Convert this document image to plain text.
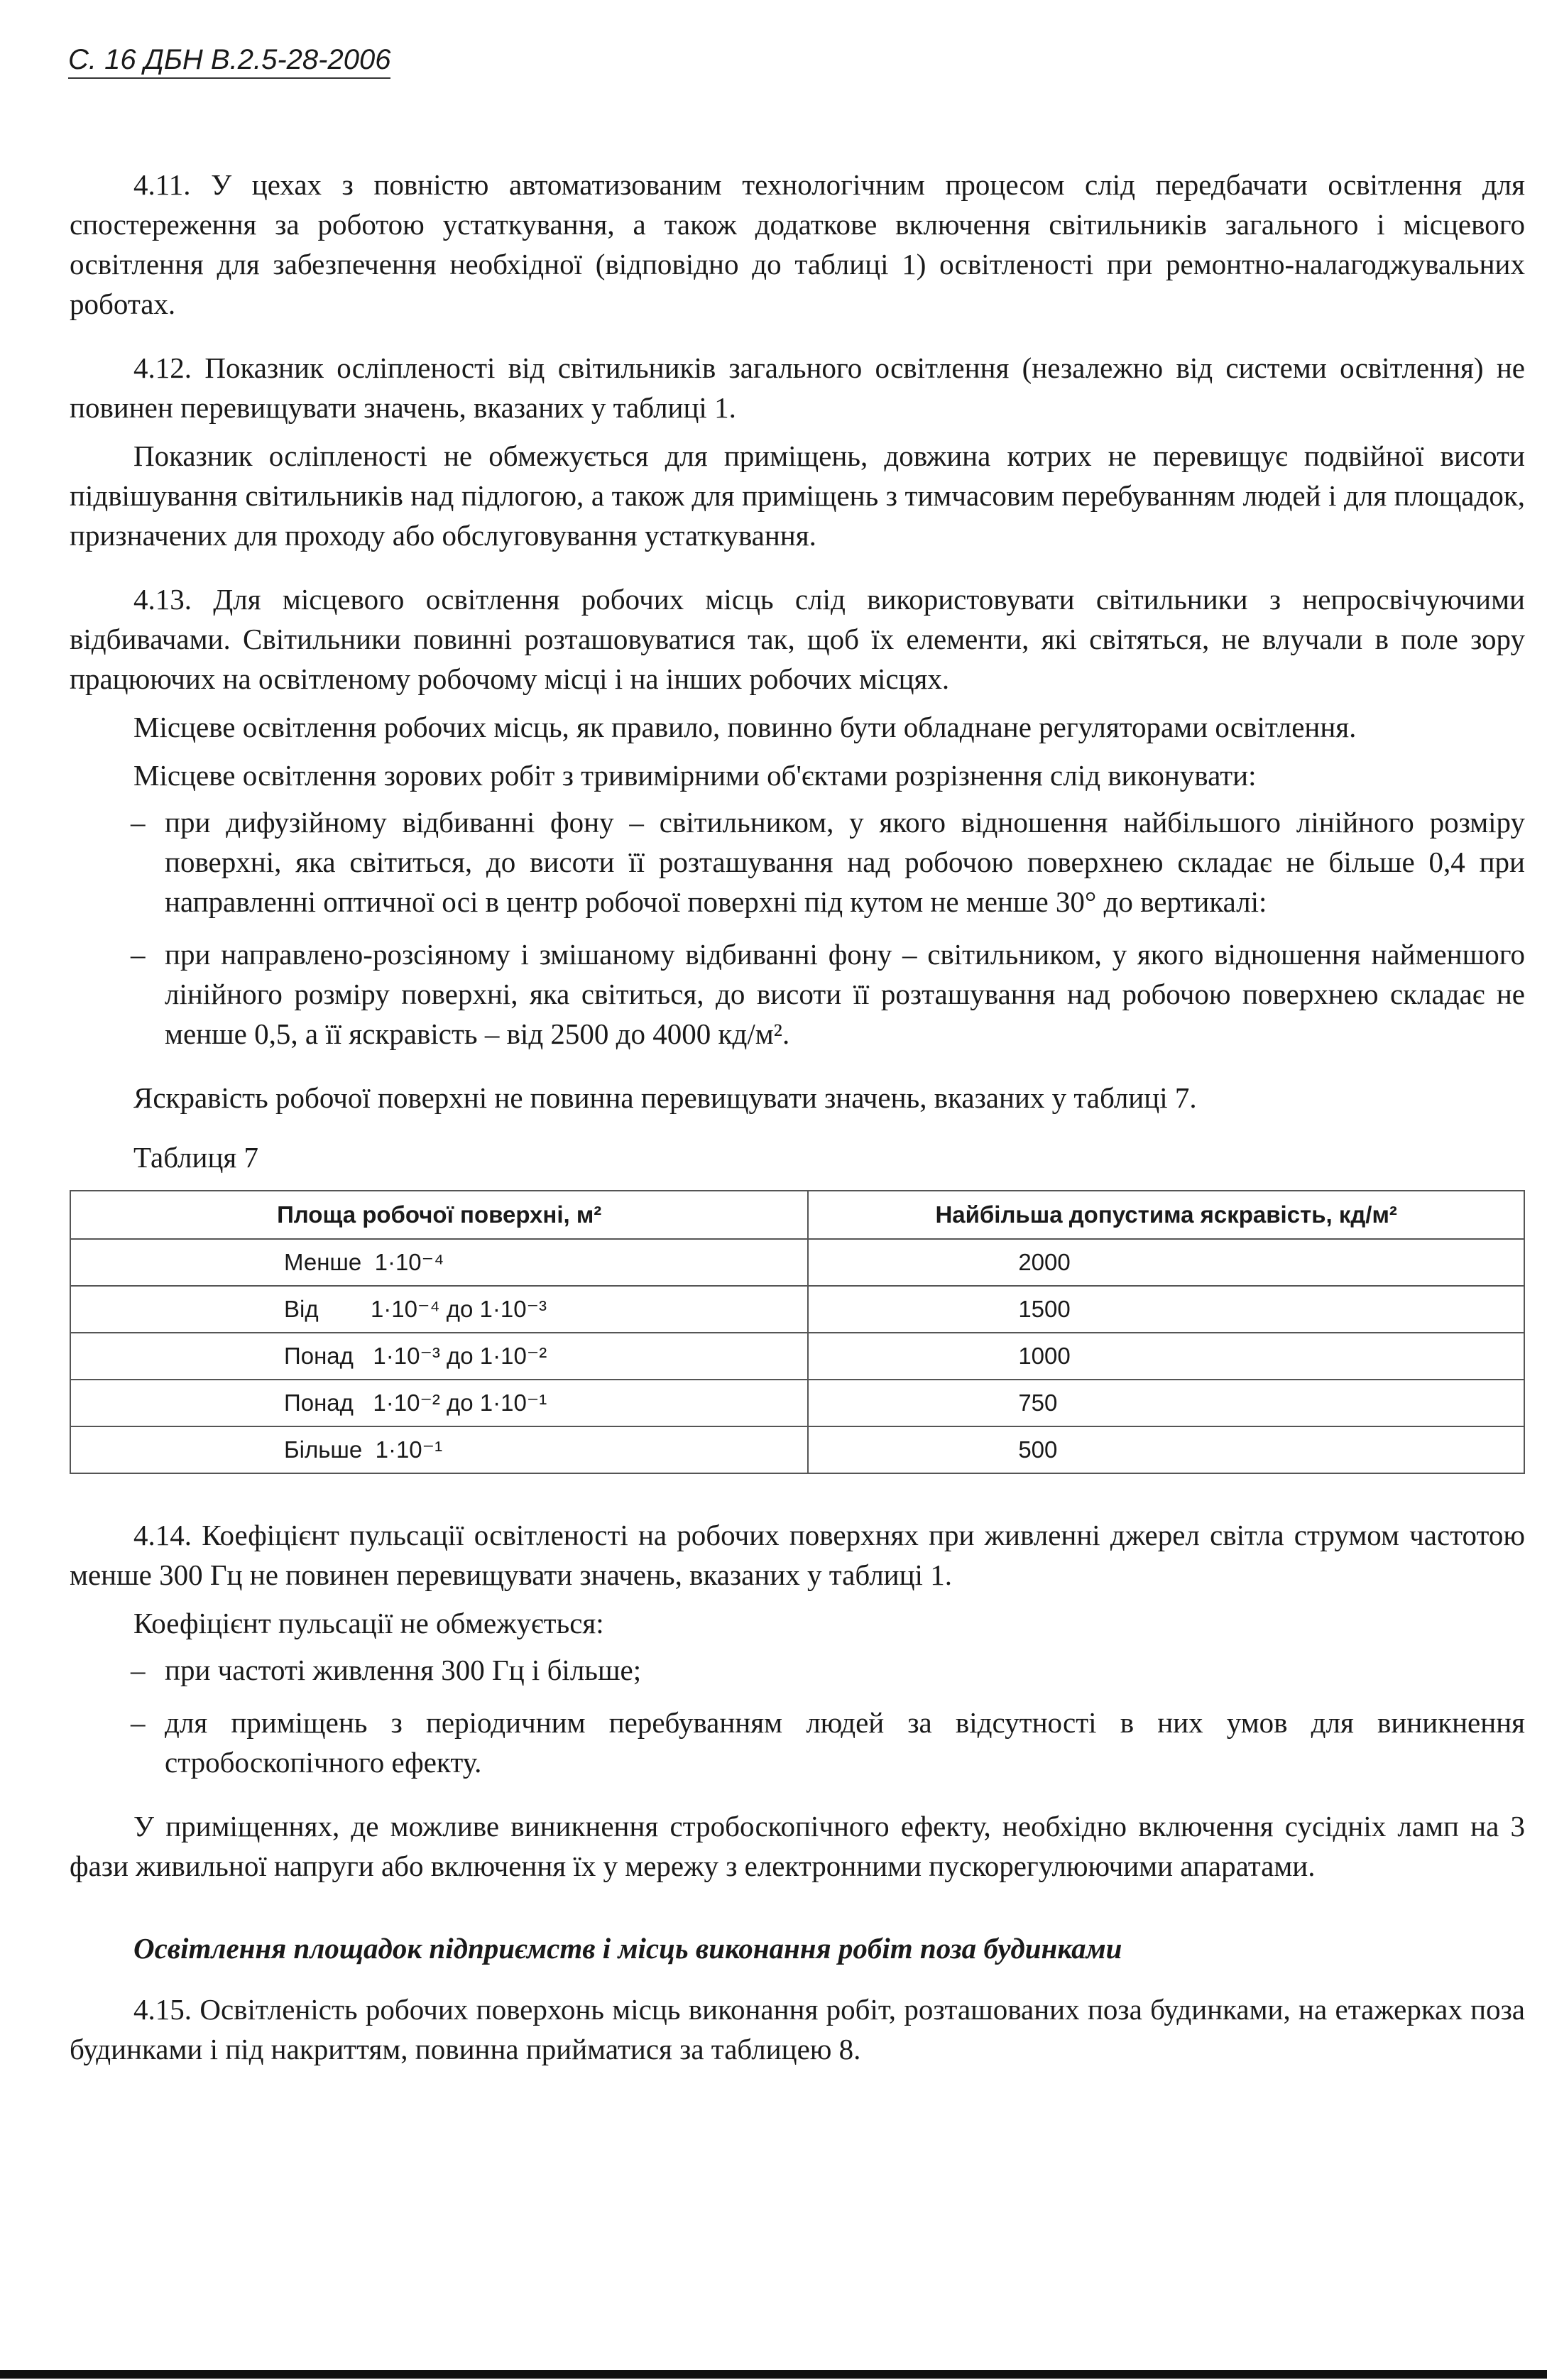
С. 16 ДБН В.2.5-28-2006

4.11. У цехах з повністю автоматизованим технологічним процесом слід передбачати освітлення для спостереження за роботою устаткування, а також додаткове включення світильників загального і місцевого освітлення для забезпечення необхідної (відповідно до таблиці 1) освітленості при ремонтно-налагоджувальних роботах.

4.12. Показник осліпленості від світильників загального освітлення (незалежно від системи освітлення) не повинен перевищувати значень, вказаних у таблиці 1.

Показник осліпленості не обмежується для приміщень, довжина котрих не перевищує подвійної висоти підвішування світильників над підлогою, а також для приміщень з тимчасовим перебуванням людей і для площадок, призначених для проходу або обслуговування устаткування.

4.13. Для місцевого освітлення робочих місць слід використовувати світильники з непросвічуючими відбивачами. Світильники повинні розташовуватися так, щоб їх елементи, які світяться, не влучали в поле зору працюючих на освітленому робочому місці і на інших робочих місцях.

Місцеве освітлення робочих місць, як правило, повинно бути обладнане регуляторами освітлення.

Місцеве освітлення зорових робіт з тривимірними об'єктами розрізнення слід виконувати:

– при дифузійному відбиванні фону – світильником, у якого відношення найбільшого лінійного розміру поверхні, яка світиться, до висоти її розташування над робочою поверхнею складає не більше 0,4 при направленні оптичної осі в центр робочої поверхні під кутом не менше 30° до вертикалі:
– при направлено-розсіяному і змішаному відбиванні фону – світильником, у якого відношення найменшого лінійного розміру поверхні, яка світиться, до висоти її розташування над робочою поверхнею складає не менше 0,5, а її яскравість – від 2500 до 4000 кд/м².

Яскравість робочої поверхні не повинна перевищувати значень, вказаних у таблиці 7.

Таблиця 7

Площа робочої поверхні, м²	Найбільша допустима яскравість, кд/м²
Менше  1·10⁻⁴	2000
Від        1·10⁻⁴ до 1·10⁻³	1500
Понад   1·10⁻³ до 1·10⁻²	1000
Понад   1·10⁻² до 1·10⁻¹	750
Більше  1·10⁻¹	500

4.14. Коефіцієнт пульсації освітленості на робочих поверхнях при живленні джерел світла струмом частотою менше 300 Гц не повинен перевищувати значень, вказаних у таблиці 1.

Коефіцієнт пульсації не обмежується:

– при частоті живлення 300 Гц і більше;
– для приміщень з періодичним перебуванням людей за відсутності в них умов для виникнення стробоскопічного ефекту.

У приміщеннях, де можливе виникнення стробоскопічного ефекту, необхідно включення сусідніх ламп на 3 фази живильної напруги або включення їх у мережу з електронними пускорегулюючими апаратами.

Освітлення площадок підприємств і місць виконання робіт поза будинками

4.15. Освітленість робочих поверхонь місць виконання робіт, розташованих поза будинками, на етажерках поза будинками і під накриттям, повинна прийматися за таблицею 8.
